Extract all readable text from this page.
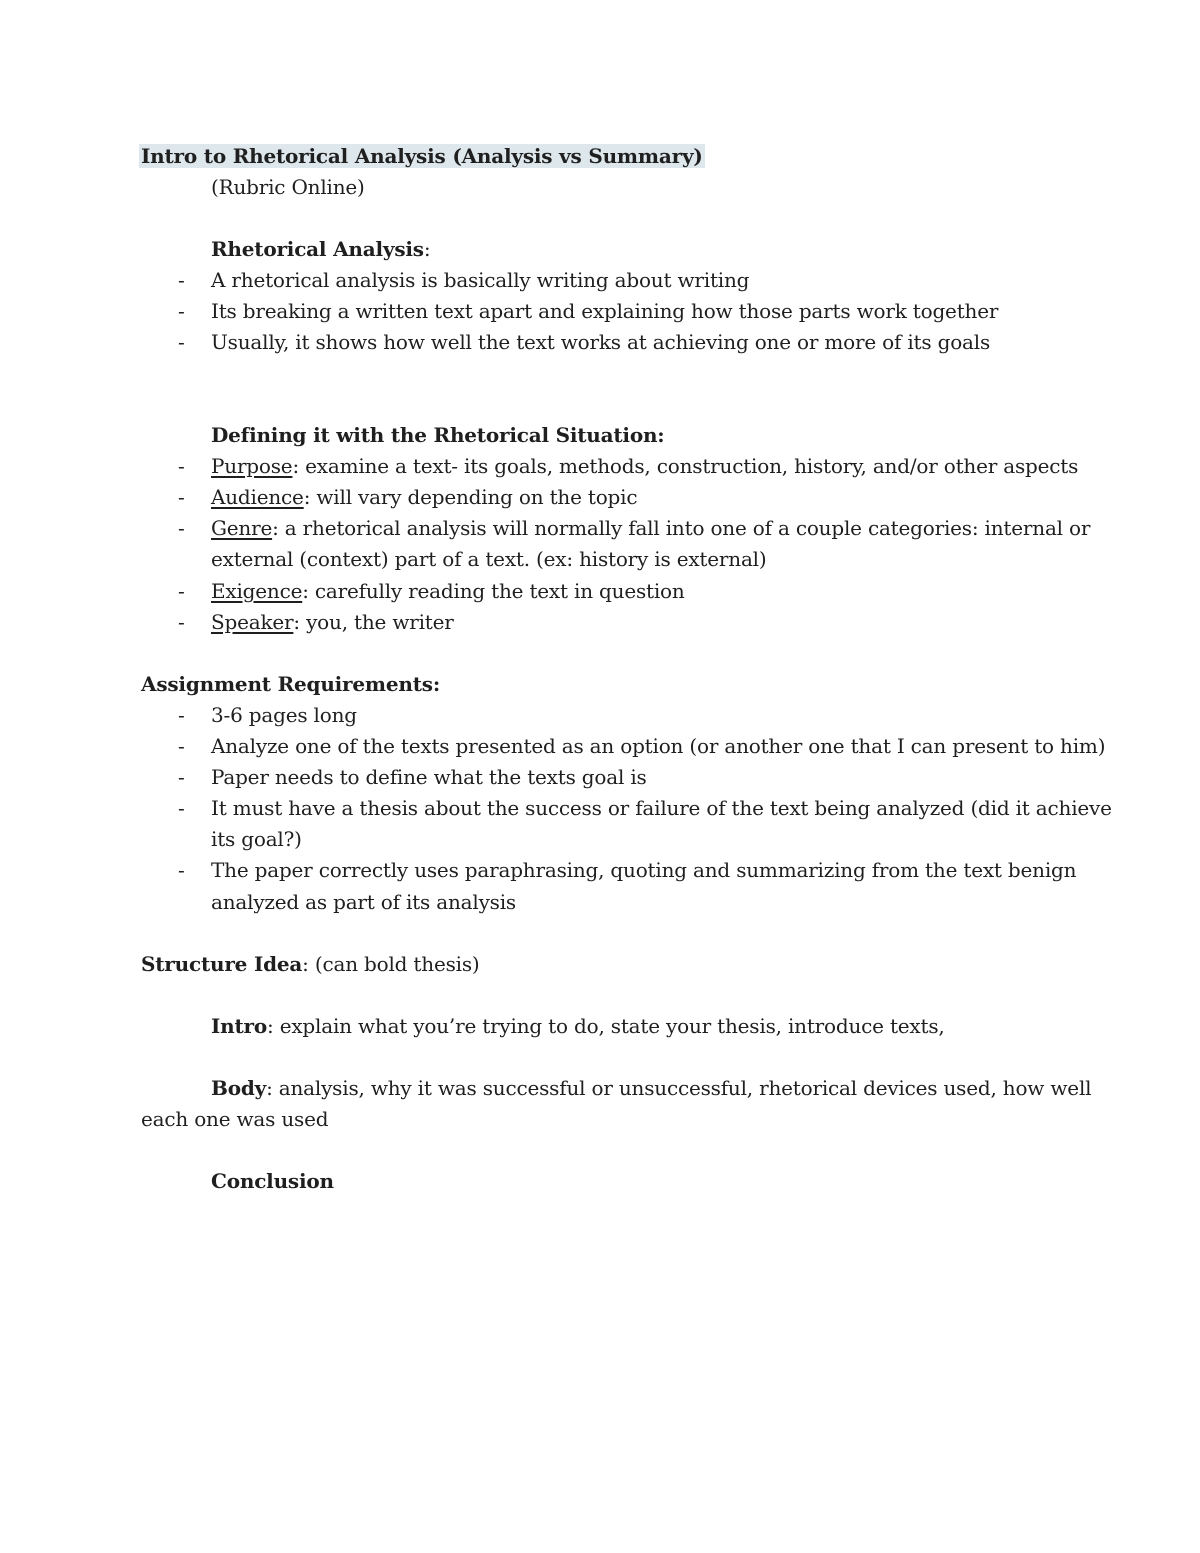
Intro to Rhetorical Analysis (Analysis vs Summary)
(Rubric Online)
Rhetorical Analysis:
- A rhetorical analysis is basically writing about writing
- Its breaking a written text apart and explaining how those parts work together
- Usually, it shows how well the text works at achieving one or more of its goals
Defining it with the Rhetorical Situation:
- Purpose: examine a text- its goals, methods, construction, history, and/or other aspects
- Audience: will vary depending on the topic
- Genre: a rhetorical analysis will normally fall into one of a couple categories: internal or
external (context) part of a text. (ex: history is external)
- Exigence: carefully reading the text in question
- Speaker: you, the writer
Assignment Requirements:
- 3-6 pages long
- Analyze one of the texts presented as an option (or another one that I can present to him)
- Paper needs to define what the texts goal is
- It must have a thesis about the success or failure of the text being analyzed (did it achieve
its goal?)
- The paper correctly uses paraphrasing, quoting and summarizing from the text benign
analyzed as part of its analysis
Structure Idea: (can bold thesis)
Intro: explain what you’re trying to do, state your thesis, introduce texts,
Body: analysis, why it was successful or unsuccessful, rhetorical devices used, how well
each one was used
Conclusion
